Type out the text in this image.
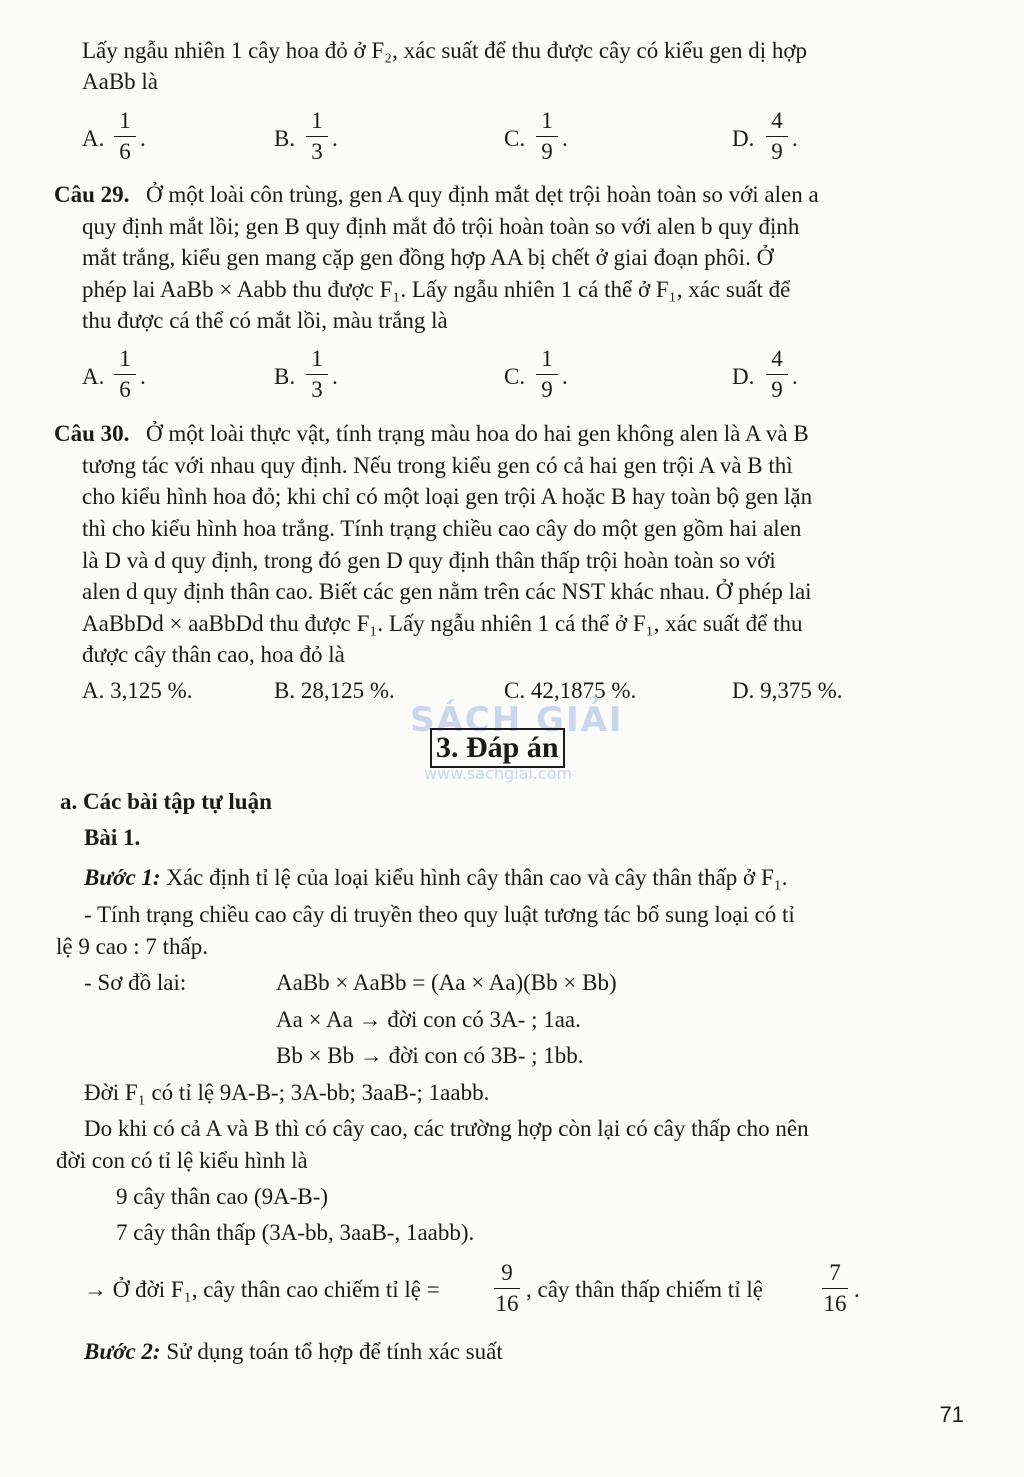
Lấy ngẫu nhiên 1 cây hoa đỏ ở F₂, xác suất để thu được cây có kiểu gen dị hợp
AaBb là
A.
1
6
.	B.
1
3
.	C.
1
9
.	D.
4
9
.
Câu 29. Ở một loài côn trùng, gen A quy định mắt dẹt trội hoàn toàn so với alen a
quy định mắt lồi; gen B quy định mắt đỏ trội hoàn toàn so với alen b quy định
mắt trắng, kiểu gen mang cặp gen đồng hợp AA bị chết ở giai đoạn phôi. Ở
phép lai AaBb × Aabb thu được F₁. Lấy ngẫu nhiên 1 cá thể ở F₁, xác suất để
thu được cá thể có mắt lồi, màu trắng là
A.
1
6
.	B.
1
3
.	C.
1
9
.	D.
4
9
.
Câu 30. Ở một loài thực vật, tính trạng màu hoa do hai gen không alen là A và B
tương tác với nhau quy định. Nếu trong kiểu gen có cả hai gen trội A và B thì
cho kiểu hình hoa đỏ; khi chỉ có một loại gen trội A hoặc B hay toàn bộ gen lặn
thì cho kiểu hình hoa trắng. Tính trạng chiều cao cây do một gen gồm hai alen
là D và d quy định, trong đó gen D quy định thân thấp trội hoàn toàn so với
alen d quy định thân cao. Biết các gen nằm trên các NST khác nhau. Ở phép lai
AaBbDd × aaBbDd thu được F₁. Lấy ngẫu nhiên 1 cá thể ở F₁, xác suất để thu
được cây thân cao, hoa đỏ là
A. 3,125 %.	B. 28,125 %.	C. 42,1875 %.	D. 9,375 %.
SÁCH GIẢI
www.sachgiai.com
3. Đáp án
a. Các bài tập tự luận
Bài 1.
Bước 1: Xác định tỉ lệ của loại kiểu hình cây thân cao và cây thân thấp ở F₁.
- Tính trạng chiều cao cây di truyền theo quy luật tương tác bổ sung loại có tỉ
lệ 9 cao : 7 thấp.
- Sơ đồ lai:	AaBb × AaBb = (Aa × Aa)(Bb × Bb)
Aa × Aa → đời con có 3A- ; 1aa.
Bb × Bb → đời con có 3B- ; 1bb.
Đời F₁ có tỉ lệ 9A-B-; 3A-bb; 3aaB-; 1aabb.
Do khi có cả A và B thì có cây cao, các trường hợp còn lại có cây thấp cho nên
đời con có tỉ lệ kiểu hình là
9 cây thân cao (9A-B-)
7 cây thân thấp (3A-bb, 3aaB-, 1aabb).
→ Ở đời F₁, cây thân cao chiếm tỉ lệ =
9
16
, cây thân thấp chiếm tỉ lệ
7
16
.
Bước 2: Sử dụng toán tổ hợp để tính xác suất
71
